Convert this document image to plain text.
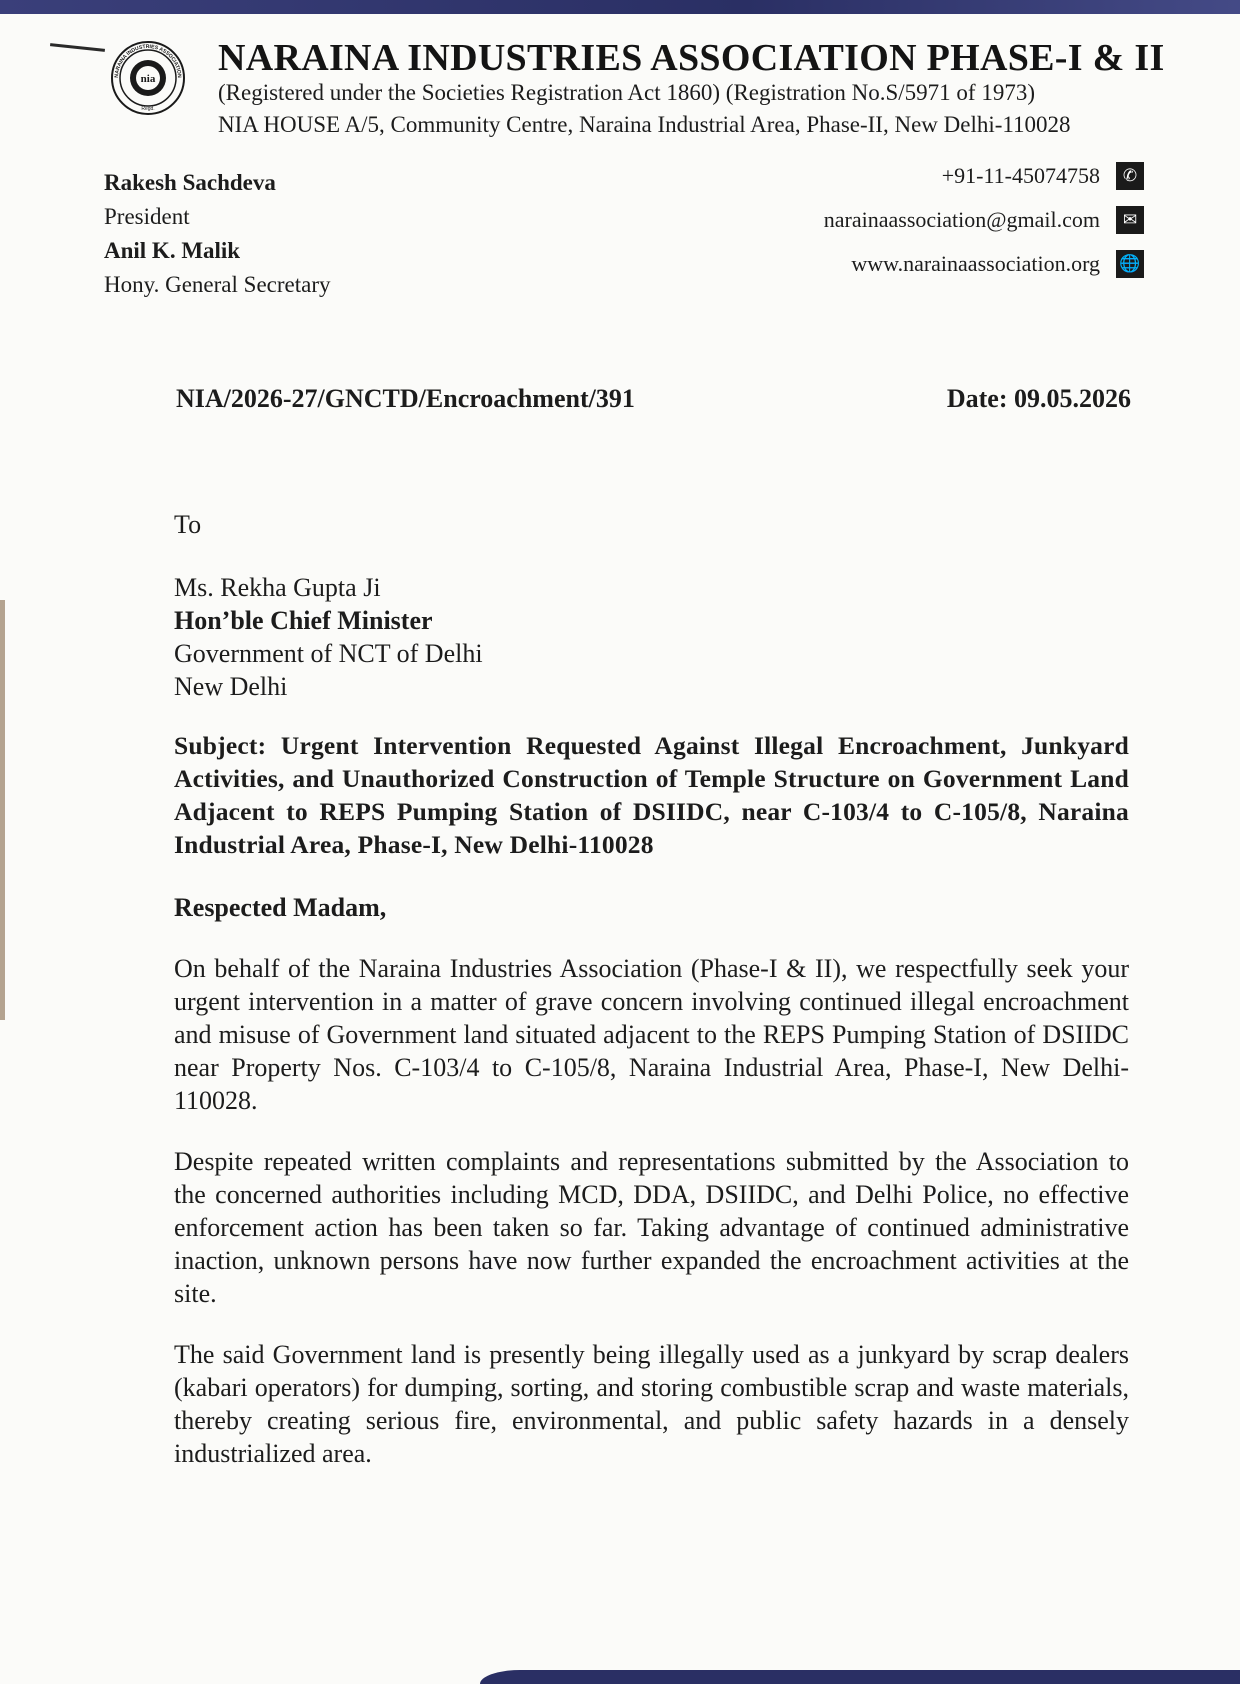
nia
Regd.
NARAINA INDUSTRIES ASSOCIATION NARAINA INDUSTRIES ASSOCIATION PHASE-I & II
(Registered under the Societies Registration Act 1860) (Registration No.S/5971 of 1973)
NIA HOUSE A/5, Community Centre, Naraina Industrial Area, Phase-II, New Delhi-110028
Rakesh Sachdeva
President
Anil K. Malik
Hony. General Secretary
+91-11-45074758	✆
narainaassociation@gmail.com	✉
www.narainaassociation.org 🌐
NIA/2026-27/GNCTD/Encroachment/391	Date: 09.05.2026

To

Ms. Rekha Gupta Ji

Hon’ble Chief Minister

Government of NCT of Delhi

New Delhi

Subject: Urgent Intervention Requested Against Illegal Encroachment, Junkyard Activities, and Unauthorized Construction of Temple Structure on Government Land Adjacent to REPS Pumping Station of DSIIDC, near C-103/4 to C-105/8, Naraina Industrial Area, Phase-I, New Delhi-110028

Respected Madam,

On behalf of the Naraina Industries Association (Phase-I & II), we respectfully seek your urgent intervention in a matter of grave concern involving continued illegal encroachment and misuse of Government land situated adjacent to the REPS Pumping Station of DSIIDC near Property Nos. C-103/4 to C-105/8, Naraina Industrial Area, Phase-I, New Delhi-110028.

Despite repeated written complaints and representations submitted by the Association to the concerned authorities including MCD, DDA, DSIIDC, and Delhi Police, no effective enforcement action has been taken so far. Taking advantage of continued administrative inaction, unknown persons have now further expanded the encroachment activities at the site.

The said Government land is presently being illegally used as a junkyard by scrap dealers (kabari operators) for dumping, sorting, and storing combustible scrap and waste materials, thereby creating serious fire, environmental, and public safety hazards in a densely industrialized area.
